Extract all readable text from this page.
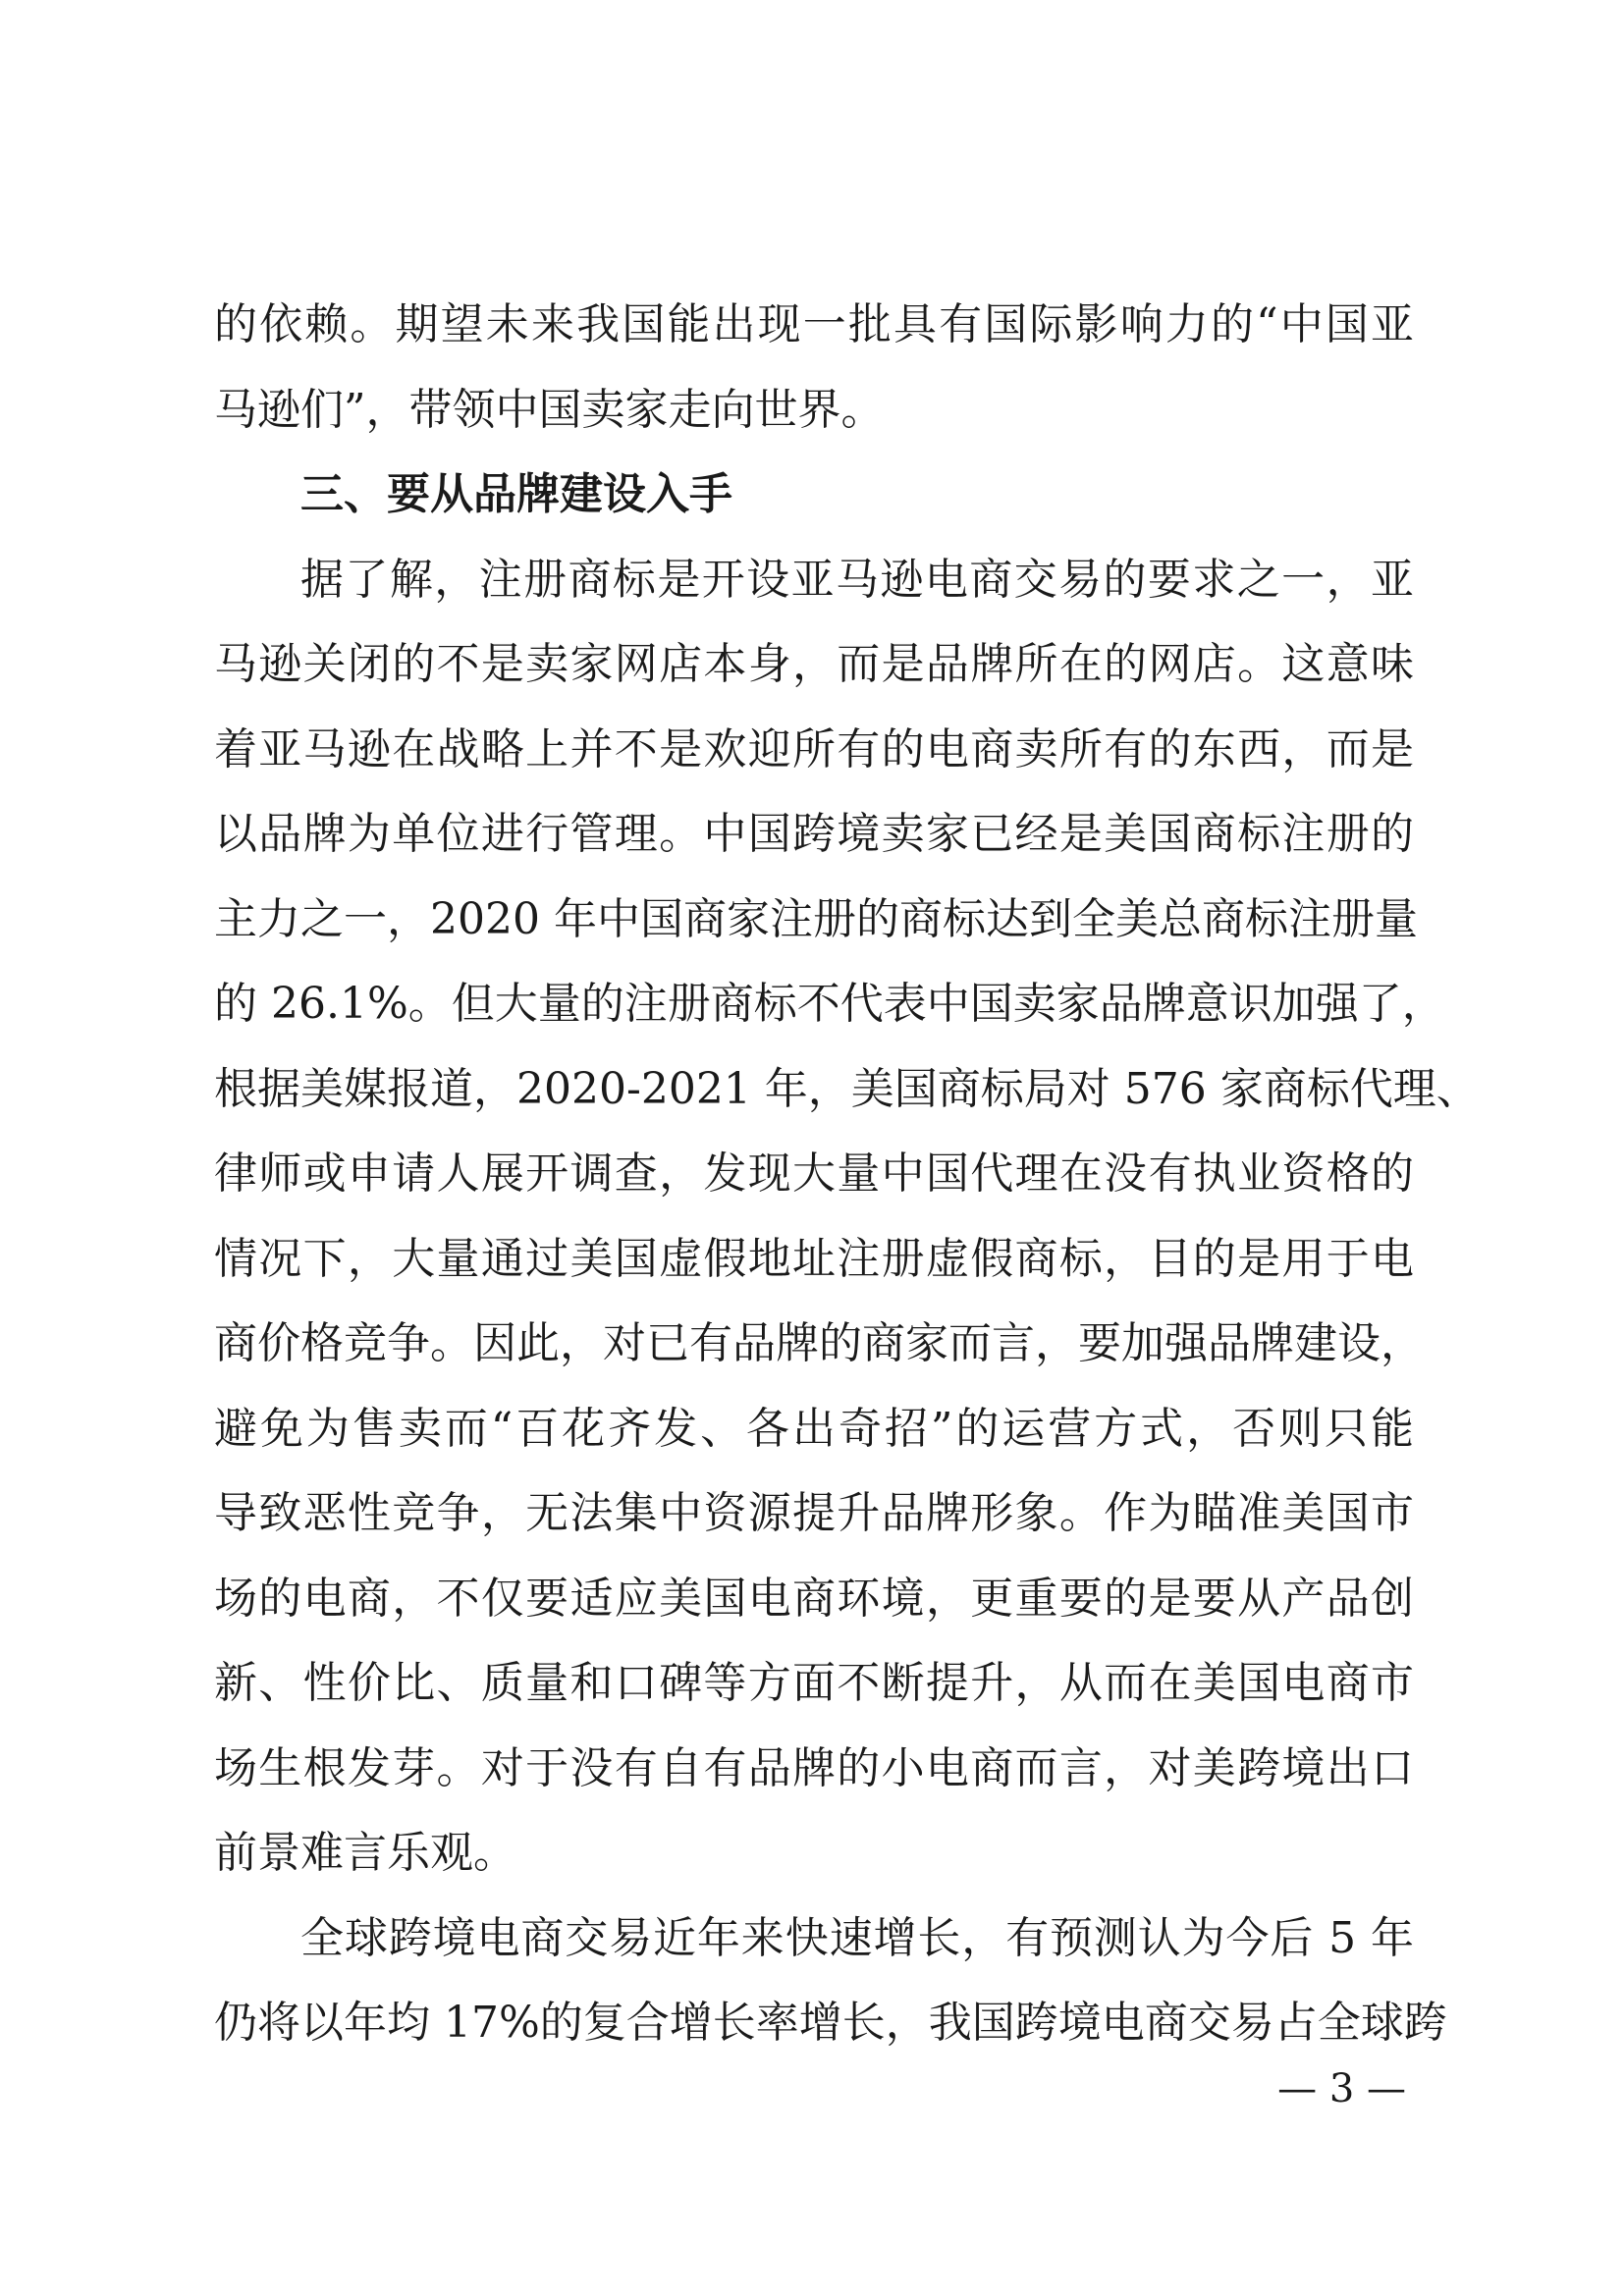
的依赖。期望未来我国能出现一批具有国际影响力的“中国亚
马逊们”，带领中国卖家走向世界。
三、要从品牌建设入手
据了解，注册商标是开设亚马逊电商交易的要求之一，亚
马逊关闭的不是卖家网店本身，而是品牌所在的网店。这意味
着亚马逊在战略上并不是欢迎所有的电商卖所有的东西，而是
以品牌为单位进行管理。中国跨境卖家已经是美国商标注册的
主力之一，2020 年中国商家注册的商标达到全美总商标注册量
的 26.1%。但大量的注册商标不代表中国卖家品牌意识加强了，
根据美媒报道，2020-2021 年，美国商标局对 576 家商标代理、
律师或申请人展开调查，发现大量中国代理在没有执业资格的
情况下，大量通过美国虚假地址注册虚假商标，目的是用于电
商价格竞争。因此，对已有品牌的商家而言，要加强品牌建设，
避免为售卖而“百花齐发、各出奇招”的运营方式，否则只能
导致恶性竞争，无法集中资源提升品牌形象。作为瞄准美国市
场的电商，不仅要适应美国电商环境，更重要的是要从产品创
新、性价比、质量和口碑等方面不断提升，从而在美国电商市
场生根发芽。对于没有自有品牌的小电商而言，对美跨境出口
前景难言乐观。
全球跨境电商交易近年来快速增长，有预测认为今后 5 年
仍将以年均 17%的复合增长率增长，我国跨境电商交易占全球跨
— 3 —
